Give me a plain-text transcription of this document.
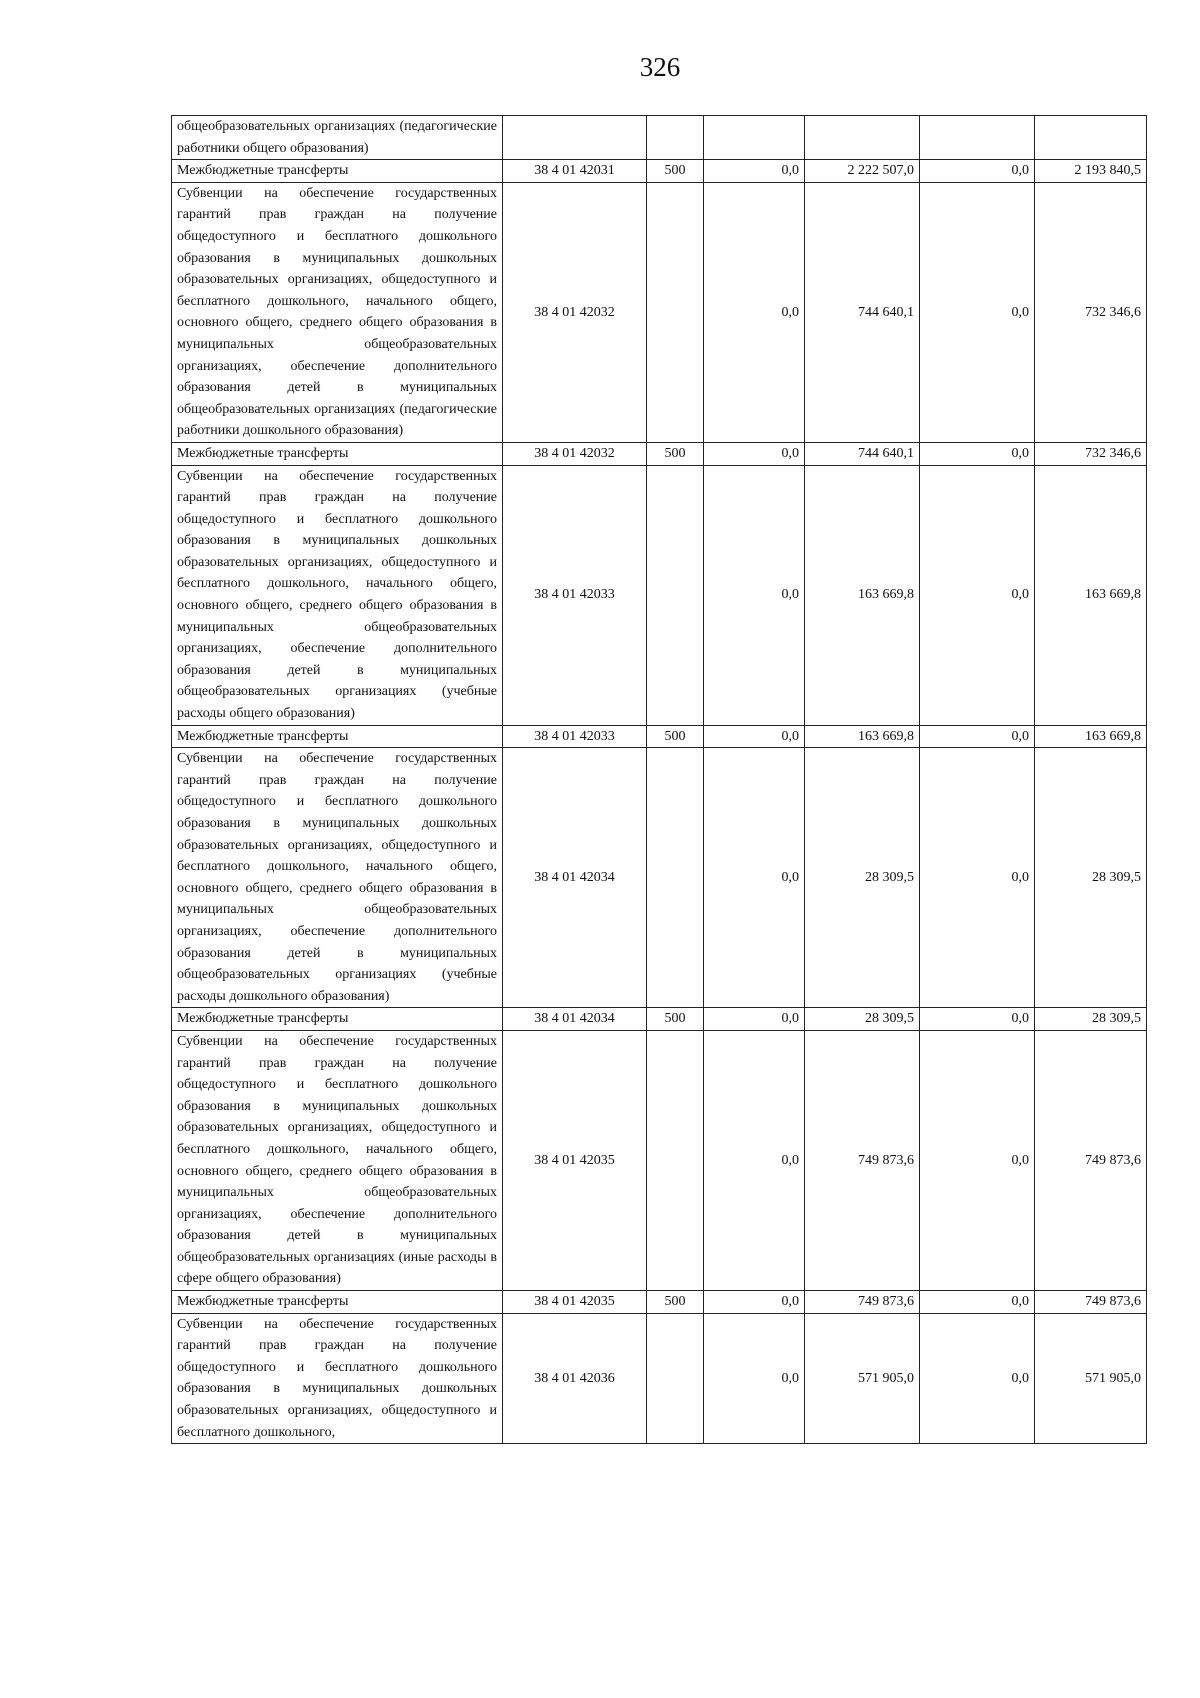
326
общеобразовательных организациях (педагогические работники общего образования)						
Межбюджетные трансферты	38 4 01 42031	500	0,0	2 222 507,0	0,0	2 193 840,5
Субвенции на обеспечение государственных гарантий прав граждан на получение общедоступного и бесплатного дошкольного образования в муниципальных дошкольных образовательных организациях, общедоступного и бесплатного дошкольного, начального общего, основного общего, среднего общего образования в муниципальных общеобразовательных организациях, обеспечение дополнительного образования детей в муниципальных общеобразовательных организациях (педагогические работники дошкольного образования)	38 4 01 42032		0,0	744 640,1	0,0	732 346,6
Межбюджетные трансферты	38 4 01 42032	500	0,0	744 640,1	0,0	732 346,6
Субвенции на обеспечение государственных гарантий прав граждан на получение общедоступного и бесплатного дошкольного образования в муниципальных дошкольных образовательных организациях, общедоступного и бесплатного дошкольного, начального общего, основного общего, среднего общего образования в муниципальных общеобразовательных организациях, обеспечение дополнительного образования детей в муниципальных общеобразовательных организациях (учебные расходы общего образования)	38 4 01 42033		0,0	163 669,8	0,0	163 669,8
Межбюджетные трансферты	38 4 01 42033	500	0,0	163 669,8	0,0	163 669,8
Субвенции на обеспечение государственных гарантий прав граждан на получение общедоступного и бесплатного дошкольного образования в муниципальных дошкольных образовательных организациях, общедоступного и бесплатного дошкольного, начального общего, основного общего, среднего общего образования в муниципальных общеобразовательных организациях, обеспечение дополнительного образования детей в муниципальных общеобразовательных организациях (учебные расходы дошкольного образования)	38 4 01 42034		0,0	28 309,5	0,0	28 309,5
Межбюджетные трансферты	38 4 01 42034	500	0,0	28 309,5	0,0	28 309,5
Субвенции на обеспечение государственных гарантий прав граждан на получение общедоступного и бесплатного дошкольного образования в муниципальных дошкольных образовательных организациях, общедоступного и бесплатного дошкольного, начального общего, основного общего, среднего общего образования в муниципальных общеобразовательных организациях, обеспечение дополнительного образования детей в муниципальных общеобразовательных организациях (иные расходы в сфере общего образования)	38 4 01 42035		0,0	749 873,6	0,0	749 873,6
Межбюджетные трансферты	38 4 01 42035	500	0,0	749 873,6	0,0	749 873,6
Субвенции на обеспечение государственных гарантий прав граждан на получение общедоступного и бесплатного дошкольного образования в муниципальных дошкольных образовательных организациях, общедоступного и бесплатного дошкольного,	38 4 01 42036		0,0	571 905,0	0,0	571 905,0
